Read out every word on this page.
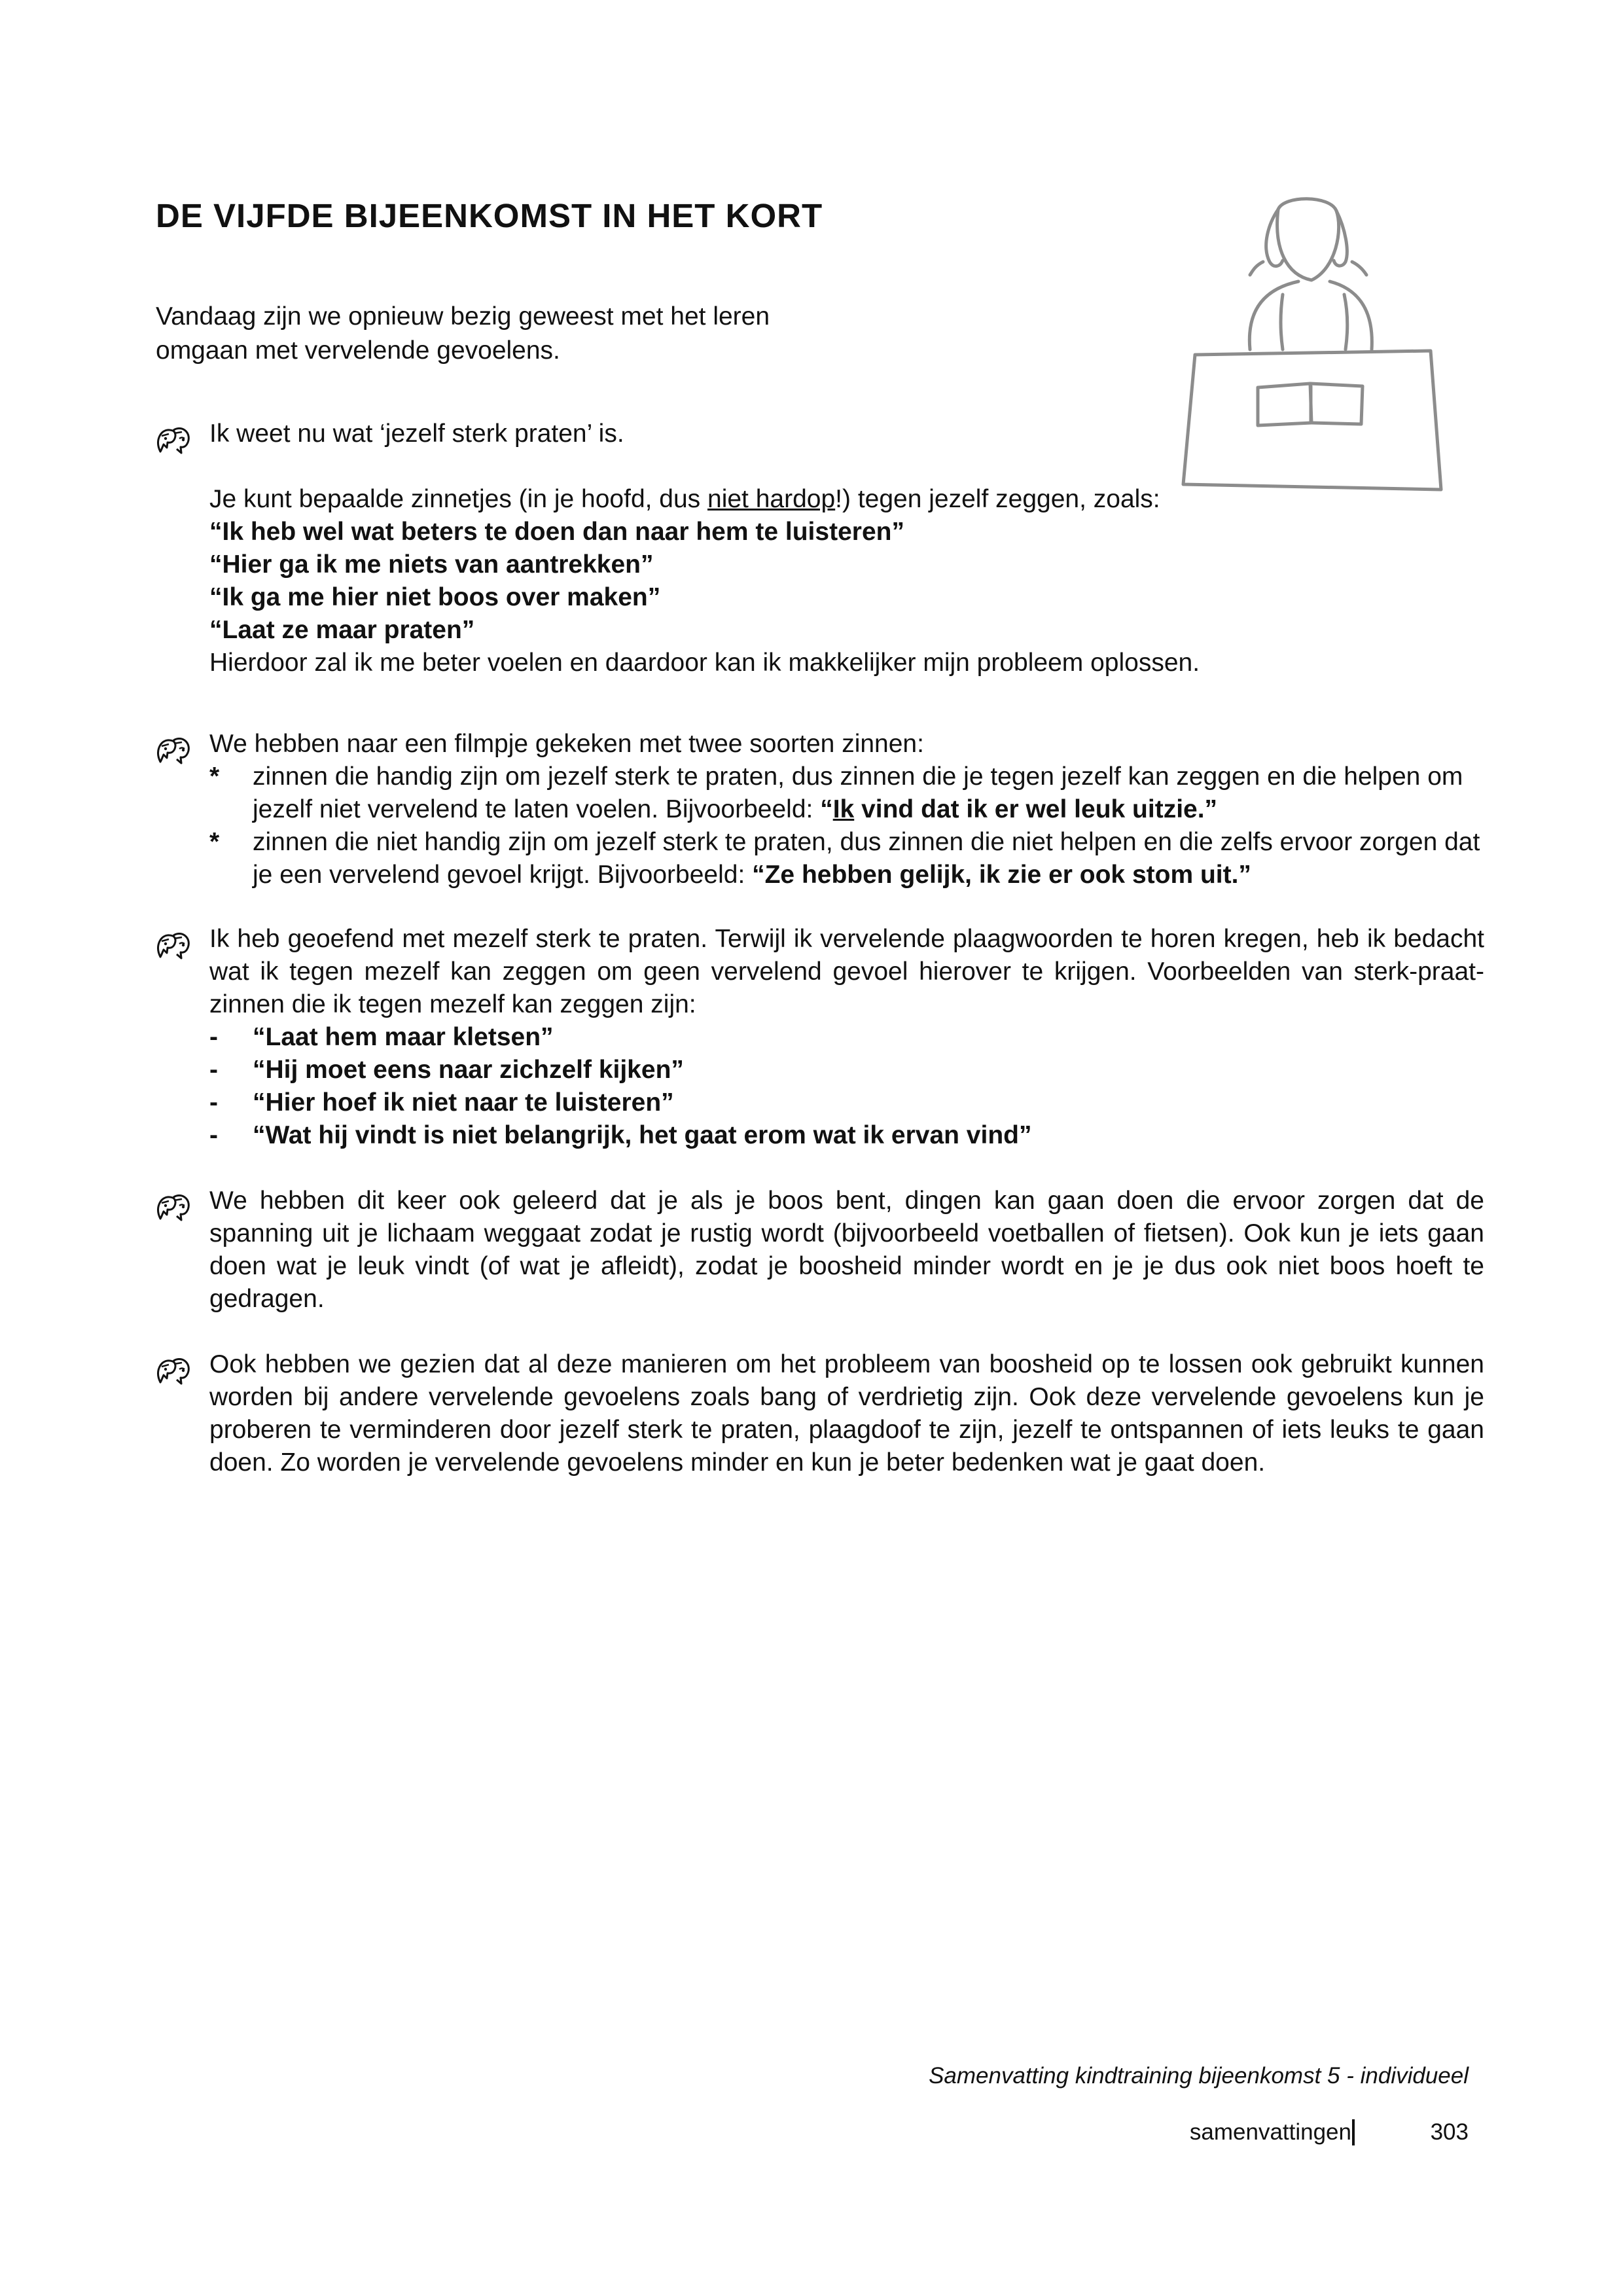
DE VIJFDE BIJEENKOMST IN HET KORT

Vandaag zijn we opnieuw bezig geweest met het leren omgaan met vervelende gevoelens.

Ik weet nu wat ‘jezelf sterk praten’ is.

Je kunt bepaalde zinnetjes (in je hoofd, dus niet hardop!) tegen jezelf zeggen, zoals:

“Ik heb wel wat beters te doen dan naar hem te luisteren”

“Hier ga ik me niets van aantrekken”

“Ik ga me hier niet boos over maken”

“Laat ze maar praten”

Hierdoor zal ik me beter voelen en daardoor kan ik makkelijker mijn probleem oplossen.

We hebben naar een filmpje gekeken met twee soorten zinnen:

* zinnen die handig zijn om jezelf sterk te praten, dus zinnen die je tegen jezelf kan zeggen en die helpen om jezelf niet vervelend te laten voelen. Bijvoorbeeld: “Ik vind dat ik er wel leuk uitzie.”
* zinnen die niet handig zijn om jezelf sterk te praten, dus zinnen die niet helpen en die zelfs ervoor zorgen dat je een vervelend gevoel krijgt. Bijvoorbeeld: “Ze hebben gelijk, ik zie er ook stom uit.”

Ik heb geoefend met mezelf sterk te praten. Terwijl ik vervelende plaagwoorden te horen kregen, heb ik bedacht wat ik tegen mezelf kan zeggen om geen vervelend gevoel hierover te krijgen. Voorbeelden van sterk-praat-zinnen die ik tegen mezelf kan zeggen zijn:

- “Laat hem maar kletsen”
- “Hij moet eens naar zichzelf kijken”
- “Hier hoef ik niet naar te luisteren”
- “Wat hij vindt is niet belangrijk, het gaat erom wat ik ervan vind”

We hebben dit keer ook geleerd dat je als je boos bent, dingen kan gaan doen die ervoor zorgen dat de spanning uit je lichaam weggaat zodat je rustig wordt (bijvoorbeeld voetballen of fietsen). Ook kun je iets gaan doen wat je leuk vindt (of wat je afleidt), zodat je boosheid minder wordt en je je dus ook niet boos hoeft te gedragen.

Ook hebben we gezien dat al deze manieren om het probleem van boosheid op te lossen ook gebruikt kunnen worden bij andere vervelende gevoelens zoals bang of verdrietig zijn. Ook deze vervelende gevoelens kun je proberen te verminderen door jezelf sterk te praten, plaagdoof te zijn, jezelf te ontspannen of iets leuks te gaan doen. Zo worden je vervelende gevoelens minder en kun je beter bedenken wat je gaat doen.

Samenvatting kindtraining bijeenkomst 5 - individueel
samenvattingen	303
